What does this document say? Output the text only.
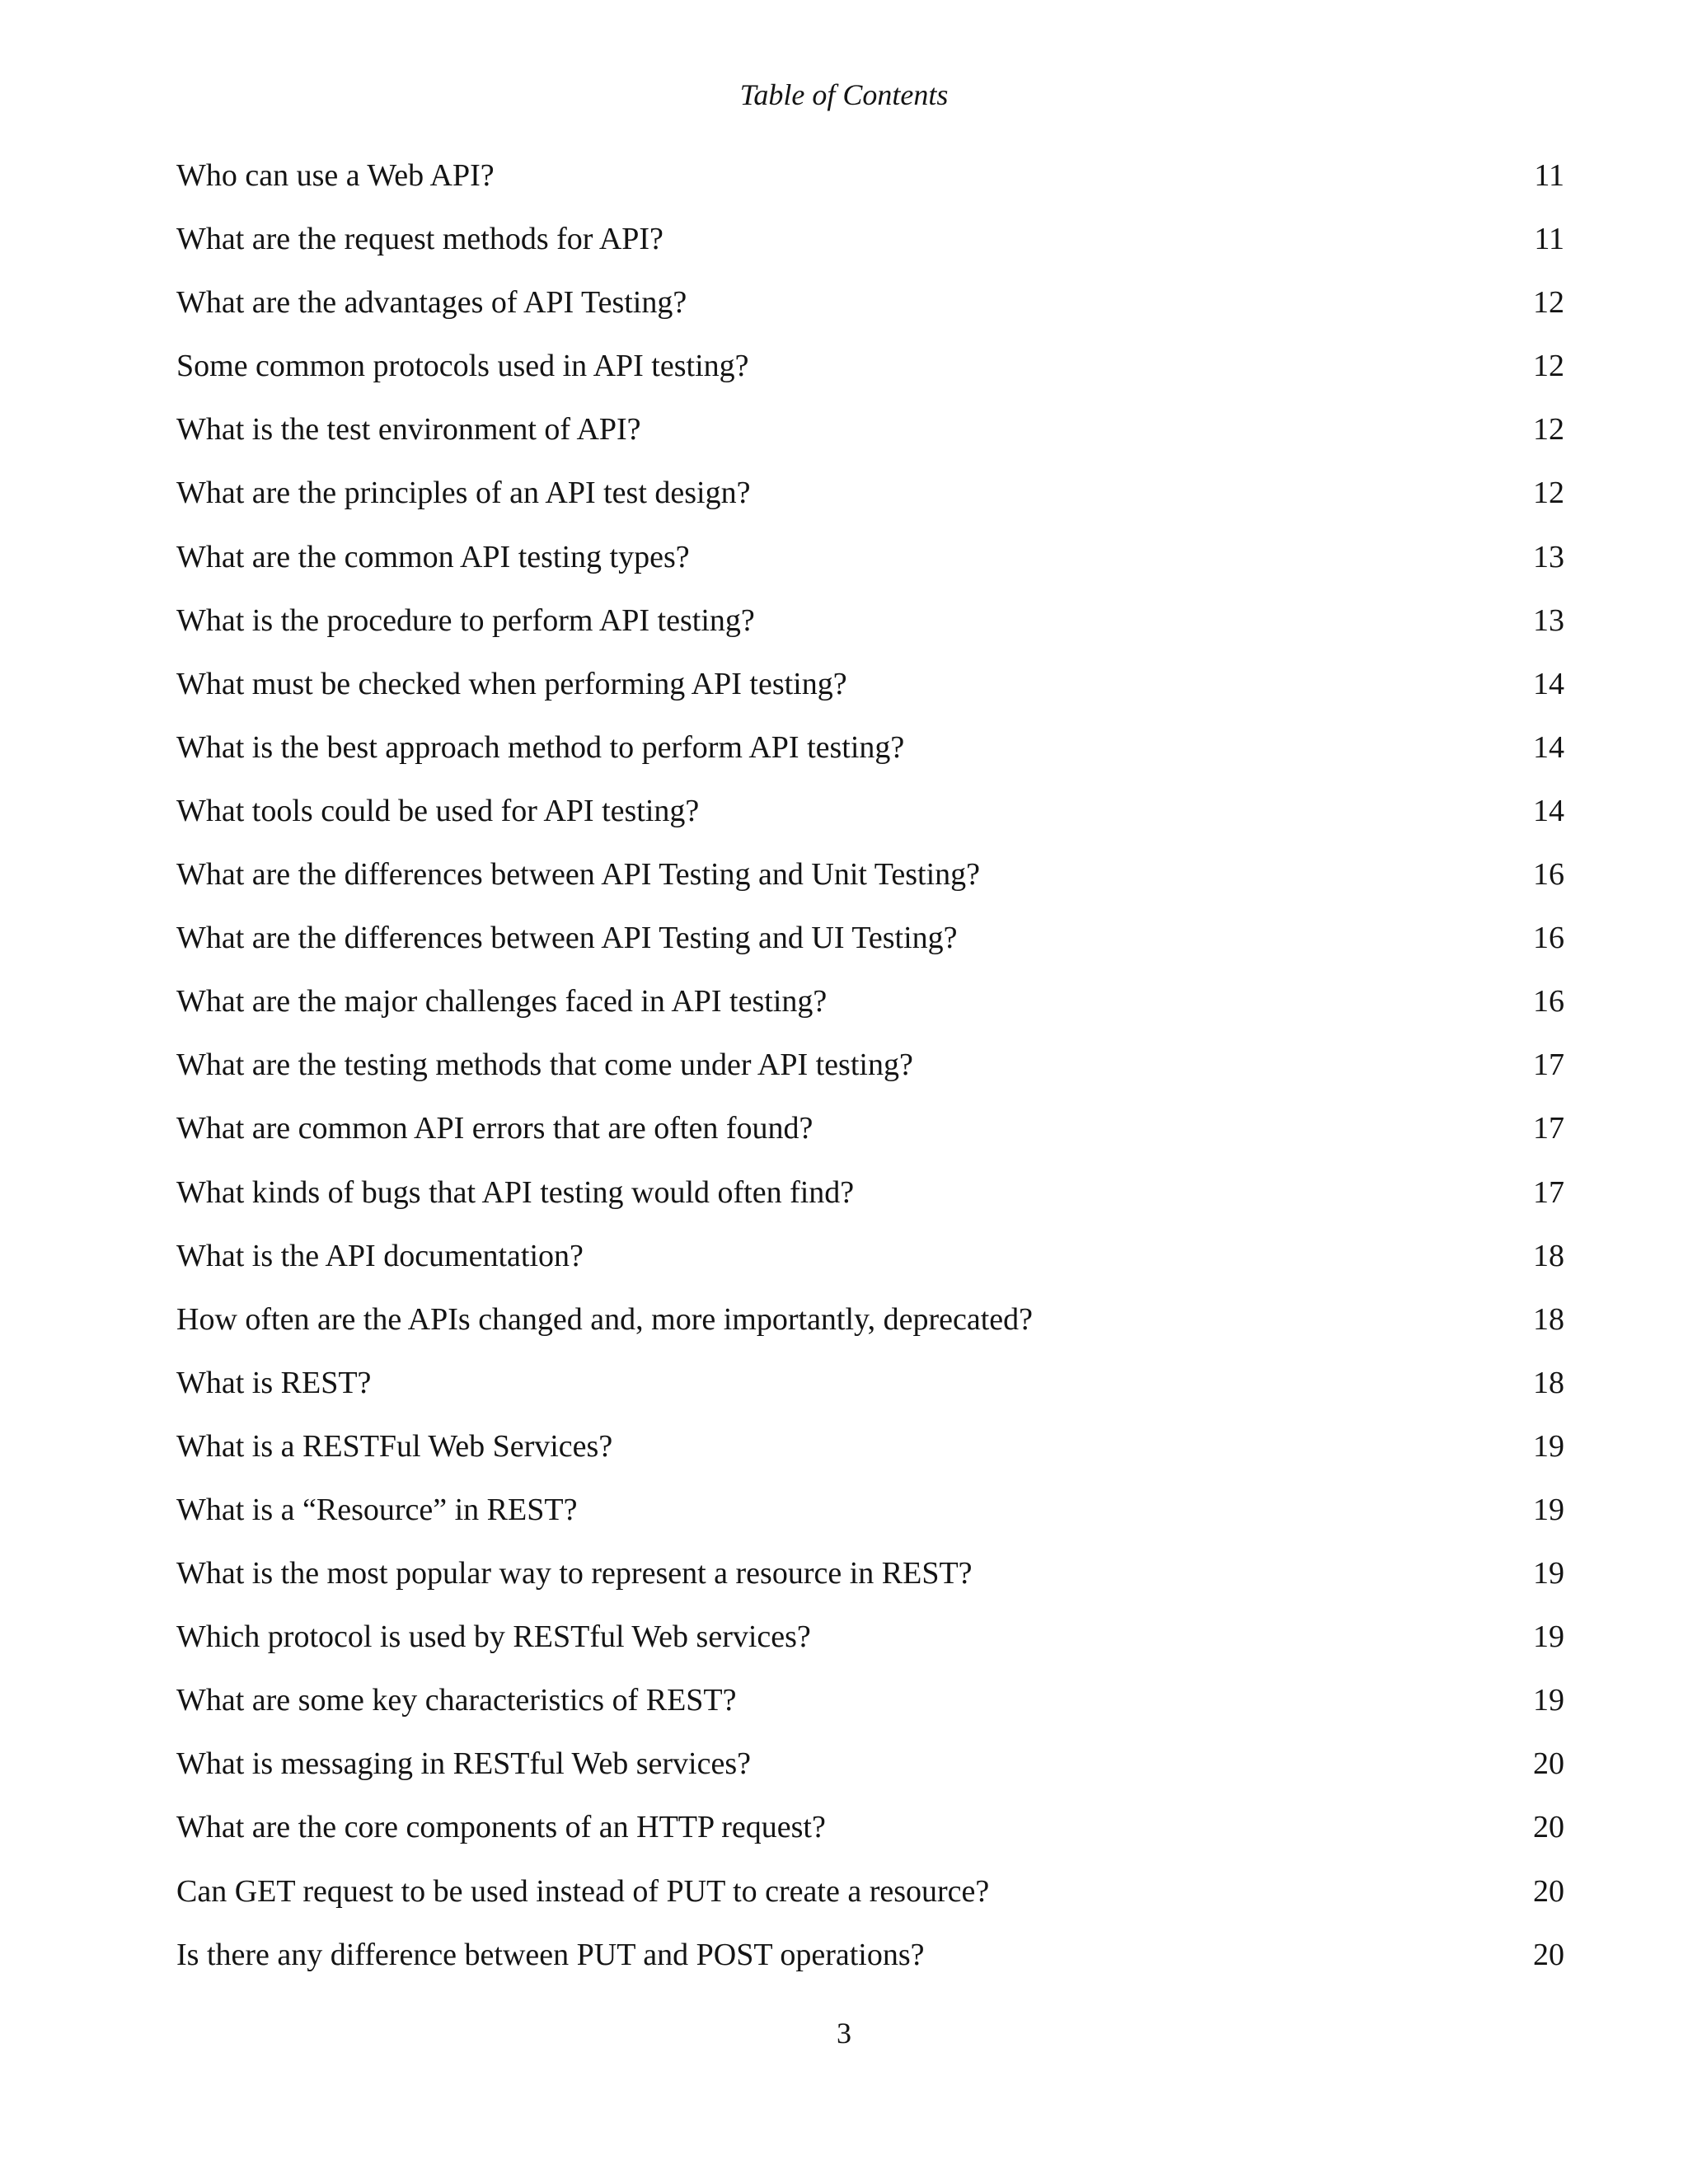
Table of Contents
Who can use a Web API?	11
What are the request methods for API?	11
What are the advantages of API Testing?	12
Some common protocols used in API testing?	12
What is the test environment of API?	12
What are the principles of an API test design?	12
What are the common API testing types?	13
What is the procedure to perform API testing?	13
What must be checked when performing API testing?	14
What is the best approach method to perform API testing?	14
What tools could be used for API testing?	14
What are the differences between API Testing and Unit Testing?	16
What are the differences between API Testing and UI Testing?	16
What are the major challenges faced in API testing?	16
What are the testing methods that come under API testing?	17
What are common API errors that are often found?	17
What kinds of bugs that API testing would often find?	17
What is the API documentation?	18
How often are the APIs changed and, more importantly, deprecated?	18
What is REST?	18
What is a RESTFul Web Services?	19
What is a “Resource” in REST?	19
What is the most popular way to represent a resource in REST?	19
Which protocol is used by RESTful Web services?	19
What are some key characteristics of REST?	19
What is messaging in RESTful Web services?	20
What are the core components of an HTTP request?	20
Can GET request to be used instead of PUT to create a resource?	20
Is there any difference between PUT and POST operations?	20
3
